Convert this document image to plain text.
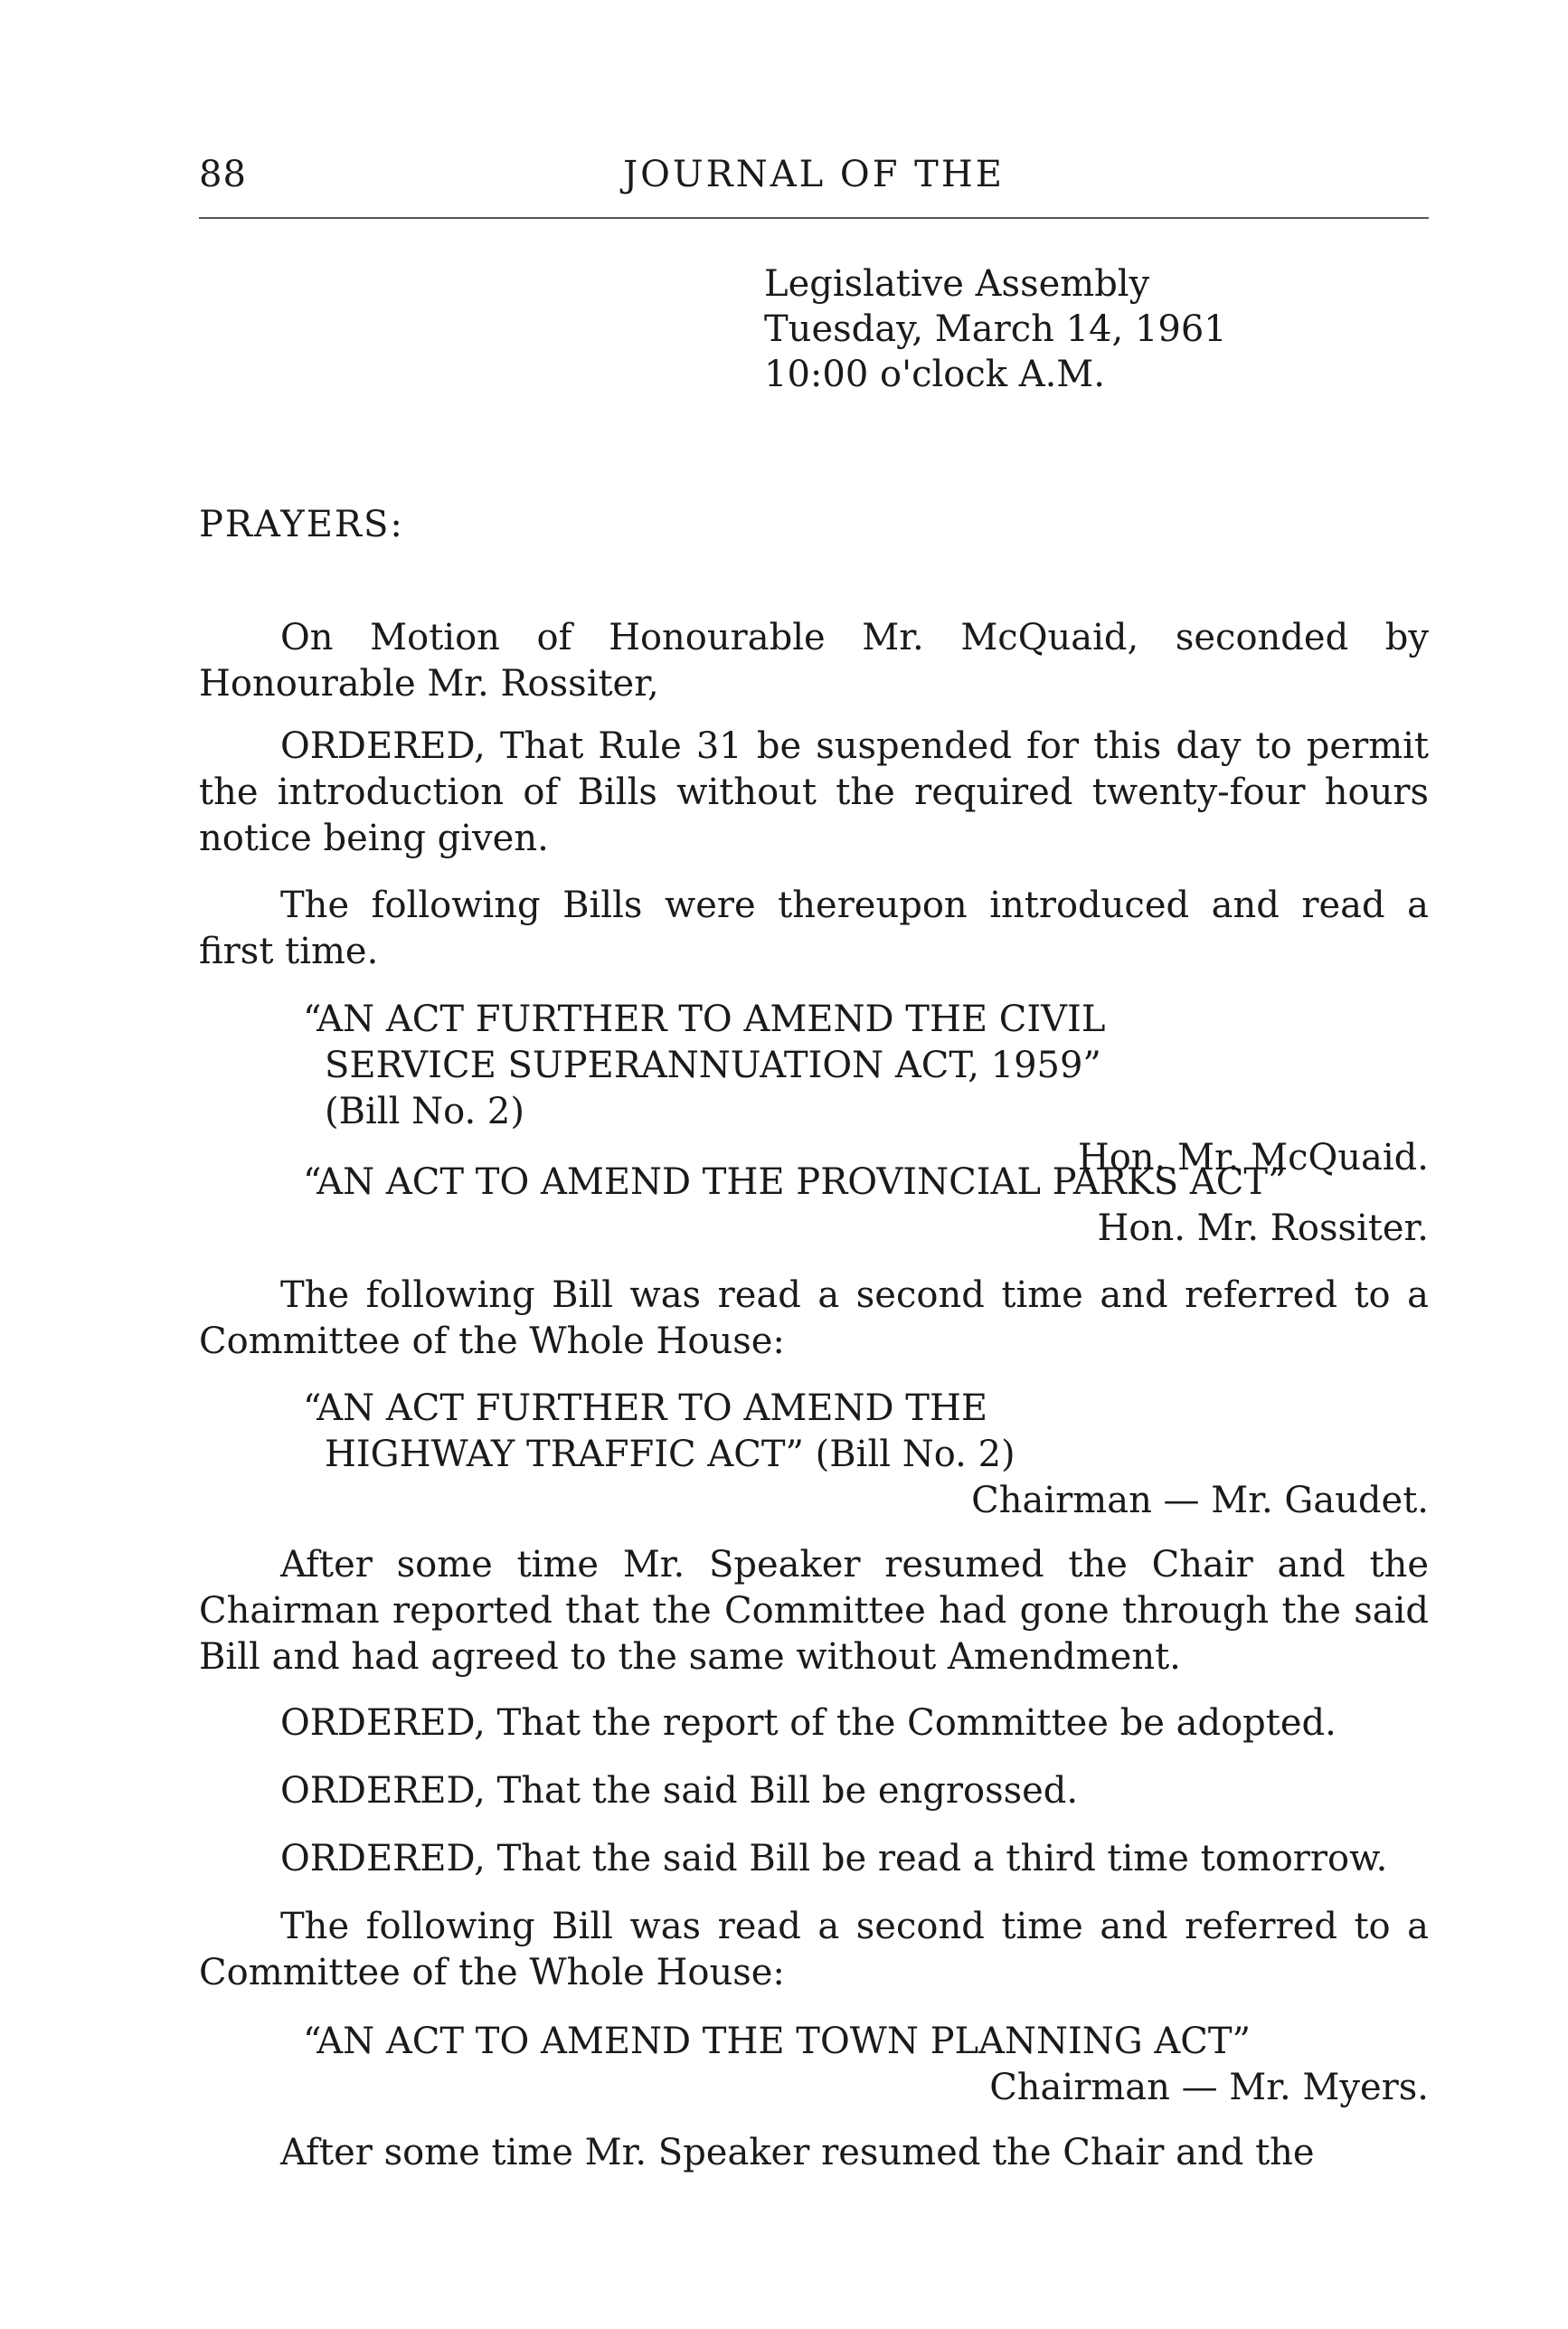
88	JOURNAL OF THE
Legislative Assembly
Tuesday, March 14, 1961
10:00 o'clock A.M.
PRAYERS:
On Motion of Honourable Mr. McQuaid, seconded by Honourable Mr. Rossiter,
ORDERED, That Rule 31 be suspended for this day to permit the introduction of Bills without the required twenty-four hours notice being given.
The following Bills were thereupon introduced and read a first time.
“AN ACT FURTHER TO AMEND THE CIVIL SERVICE SUPERANNUATION ACT, 1959” (Bill No. 2)
Hon. Mr. McQuaid.
“AN ACT TO AMEND THE PROVINCIAL PARKS ACT”
Hon. Mr. Rossiter.
The following Bill was read a second time and referred to a Committee of the Whole House:
“AN ACT FURTHER TO AMEND THE HIGHWAY TRAFFIC ACT” (Bill No. 2)
Chairman — Mr. Gaudet.
After some time Mr. Speaker resumed the Chair and the Chairman reported that the Committee had gone through the said Bill and had agreed to the same without Amendment.
ORDERED, That the report of the Committee be adopted.
ORDERED, That the said Bill be engrossed.
ORDERED, That the said Bill be read a third time tomorrow.
The following Bill was read a second time and referred to a Committee of the Whole House:
“AN ACT TO AMEND THE TOWN PLANNING ACT”
Chairman — Mr. Myers.
After some time Mr. Speaker resumed the Chair and the
